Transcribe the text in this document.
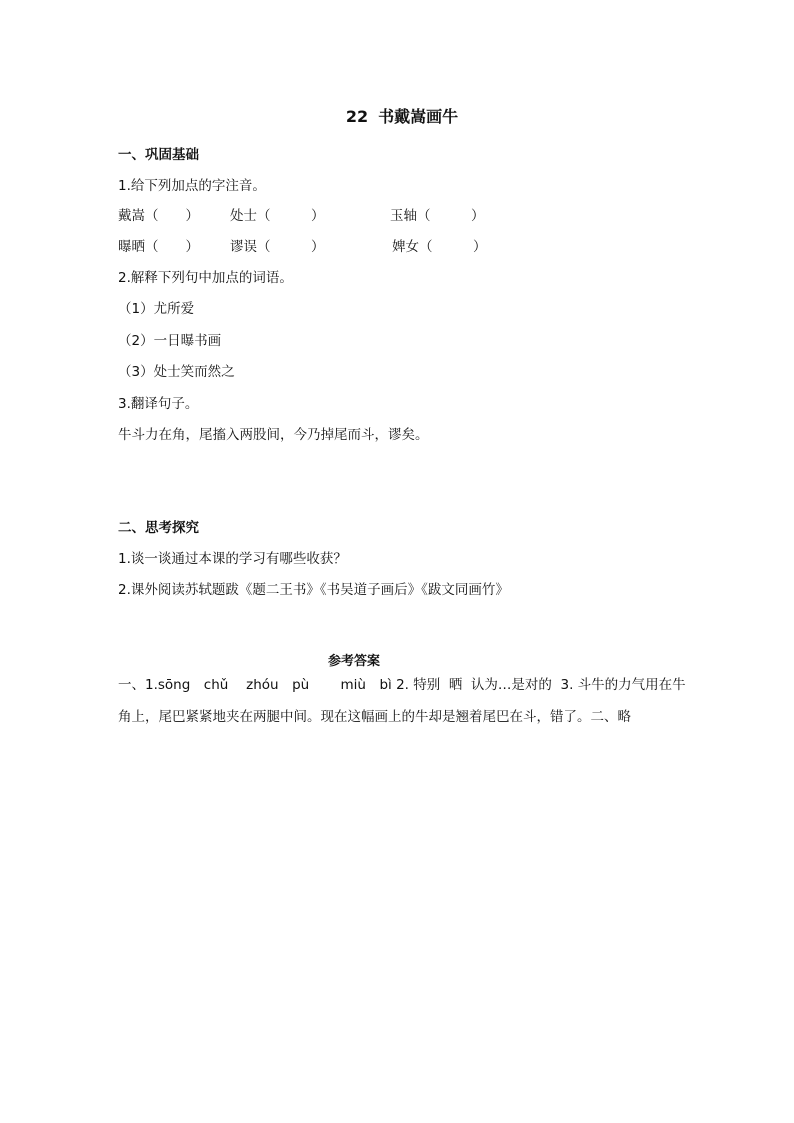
22 书戴嵩画牛
一、巩固基础
1.给下列加点的字注音。
戴嵩（　　） 处士（　　　）	玉轴（　　　）
曝晒（　　） 谬误（　　　）	婢女（　　　）
2.解释下列句中加点的词语。
（1）尤所爱
（2）一日曝书画
（3）处士笑而然之
3.翻译句子。
牛斗力在角，尾搐入两股间，今乃掉尾而斗，谬矣。
二、思考探究
1.谈一谈通过本课的学习有哪些收获？
2.课外阅读苏轼题跋《题二王书》《书吴道子画后》《跋文同画竹》
参考答案
一、1.sōng　chǔ　 zhóu　pù　　 miù　bì 2. 特别  晒  认为…是对的  3. 斗牛的力气用在牛
角上，尾巴紧紧地夹在两腿中间。现在这幅画上的牛却是翘着尾巴在斗，错了。二、略
